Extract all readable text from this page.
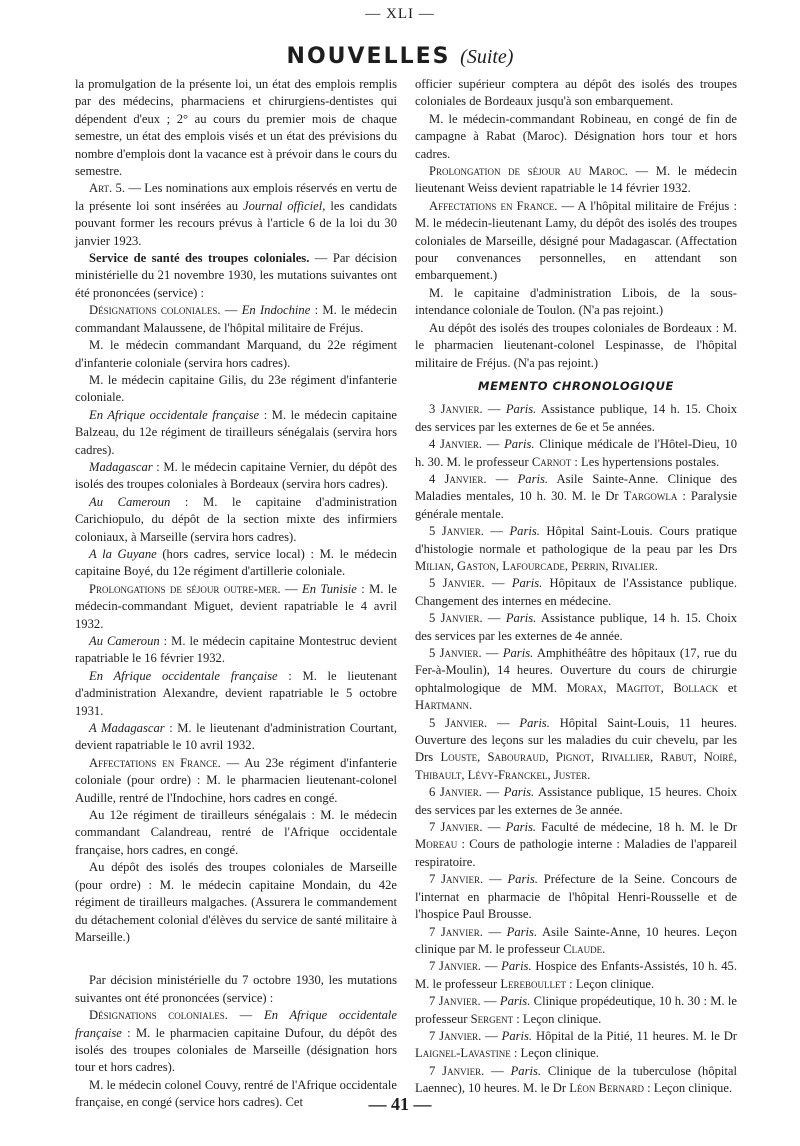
— XLI —
NOUVELLES (Suite)

la promulgation de la présente loi, un état des emplois remplis par des médecins, pharmaciens et chirurgiens-dentistes qui dépendent d'eux ; 2° au cours du premier mois de chaque semestre, un état des emplois visés et un état des prévisions du nombre d'emplois dont la vacance est à prévoir dans le cours du semestre.

Art. 5. — Les nominations aux emplois réservés en vertu de la présente loi sont insérées au Journal officiel, les candidats pouvant former les recours prévus à l'article 6 de la loi du 30 janvier 1923.

Service de santé des troupes coloniales. — Par décision ministérielle du 21 novembre 1930, les mutations suivantes ont été prononcées (service) :

Désignations coloniales. — En Indochine : M. le médecin commandant Malaussene, de l'hôpital militaire de Fréjus.

M. le médecin commandant Marquand, du 22e régiment d'infanterie coloniale (servira hors cadres).

M. le médecin capitaine Gilis, du 23e régiment d'infanterie coloniale.

En Afrique occidentale française : M. le médecin capitaine Balzeau, du 12e régiment de tirailleurs sénégalais (servira hors cadres).

Madagascar : M. le médecin capitaine Vernier, du dépôt des isolés des troupes coloniales à Bordeaux (servira hors cadres).

Au Cameroun : M. le capitaine d'administration Carichiopulo, du dépôt de la section mixte des infirmiers coloniaux, à Marseille (servira hors cadres).

A la Guyane (hors cadres, service local) : M. le médecin capitaine Boyé, du 12e régiment d'artillerie coloniale.

Prolongations de séjour outre-mer. — En Tunisie : M. le médecin-commandant Miguet, devient rapatriable le 4 avril 1932.

Au Cameroun : M. le médecin capitaine Montestruc devient rapatriable le 16 février 1932.

En Afrique occidentale française : M. le lieutenant d'administration Alexandre, devient rapatriable le 5 octobre 1931.

A Madagascar : M. le lieutenant d'administration Courtant, devient rapatriable le 10 avril 1932.

Affectations en France. — Au 23e régiment d'infanterie coloniale (pour ordre) : M. le pharmacien lieutenant-colonel Audille, rentré de l'Indochine, hors cadres en congé.

Au 12e régiment de tirailleurs sénégalais : M. le médecin commandant Calandreau, rentré de l'Afrique occidentale française, hors cadres, en congé.

Au dépôt des isolés des troupes coloniales de Marseille (pour ordre) : M. le médecin capitaine Mondain, du 42e régiment de tirailleurs malgaches. (Assurera le commandement du détachement colonial d'élèves du service de santé militaire à Marseille.)

Par décision ministérielle du 7 octobre 1930, les mutations suivantes ont été prononcées (service) :

Désignations coloniales. — En Afrique occidentale française : M. le pharmacien capitaine Dufour, du dépôt des isolés des troupes coloniales de Marseille (désignation hors tour et hors cadres).

M. le médecin colonel Couvy, rentré de l'Afrique occidentale française, en congé (service hors cadres). Cet

officier supérieur comptera au dépôt des isolés des troupes coloniales de Bordeaux jusqu'à son embarquement.

M. le médecin-commandant Robineau, en congé de fin de campagne à Rabat (Maroc). Désignation hors tour et hors cadres.

Prolongation de séjour au Maroc. — M. le médecin lieutenant Weiss devient rapatriable le 14 février 1932.

Affectations en France. — A l'hôpital militaire de Fréjus : M. le médecin-lieutenant Lamy, du dépôt des isolés des troupes coloniales de Marseille, désigné pour Madagascar. (Affectation pour convenances personnelles, en attendant son embarquement.)

M. le capitaine d'administration Libois, de la sous-intendance coloniale de Toulon. (N'a pas rejoint.)

Au dépôt des isolés des troupes coloniales de Bordeaux : M. le pharmacien lieutenant-colonel Lespinasse, de l'hôpital militaire de Fréjus. (N'a pas rejoint.)

MEMENTO CHRONOLOGIQUE

3 Janvier. — Paris. Assistance publique, 14 h. 15. Choix des services par les externes de 6e et 5e années.

4 Janvier. — Paris. Clinique médicale de l'Hôtel-Dieu, 10 h. 30. M. le professeur Carnot : Les hypertensions postales.

4 Janvier. — Paris. Asile Sainte-Anne. Clinique des Maladies mentales, 10 h. 30. M. le Dr Targowla : Paralysie générale mentale.

5 Janvier. — Paris. Hôpital Saint-Louis. Cours pratique d'histologie normale et pathologique de la peau par les Drs Milian, Gaston, Lafourcade, Perrin, Rivalier.

5 Janvier. — Paris. Hôpitaux de l'Assistance publique. Changement des internes en médecine.

5 Janvier. — Paris. Assistance publique, 14 h. 15. Choix des services par les externes de 4e année.

5 Janvier. — Paris. Amphithéâtre des hôpitaux (17, rue du Fer-à-Moulin), 14 heures. Ouverture du cours de chirurgie ophtalmologique de MM. Morax, Magitot, Bollack et Hartmann.

5 Janvier. — Paris. Hôpital Saint-Louis, 11 heures. Ouverture des leçons sur les maladies du cuir chevelu, par les Drs Louste, Sabouraud, Pignot, Rivallier, Rabut, Noiré, Thibault, Lévy-Franckel, Juster.

6 Janvier. — Paris. Assistance publique, 15 heures. Choix des services par les externes de 3e année.

7 Janvier. — Paris. Faculté de médecine, 18 h. M. le Dr Moreau : Cours de pathologie interne : Maladies de l'appareil respiratoire.

7 Janvier. — Paris. Préfecture de la Seine. Concours de l'internat en pharmacie de l'hôpital Henri-Rousselle et de l'hospice Paul Brousse.

7 Janvier. — Paris. Asile Sainte-Anne, 10 heures. Leçon clinique par M. le professeur Claude.

7 Janvier. — Paris. Hospice des Enfants-Assistés, 10 h. 45. M. le professeur Lereboullet : Leçon clinique.

7 Janvier. — Paris. Clinique propédeutique, 10 h. 30 : M. le professeur Sergent : Leçon clinique.

7 Janvier. — Paris. Hôpital de la Pitié, 11 heures. M. le Dr Laignel-Lavastine : Leçon clinique.

7 Janvier. — Paris. Clinique de la tuberculose (hôpital Laennec), 10 heures. M. le Dr Léon Bernard : Leçon clinique.

— 41 —
